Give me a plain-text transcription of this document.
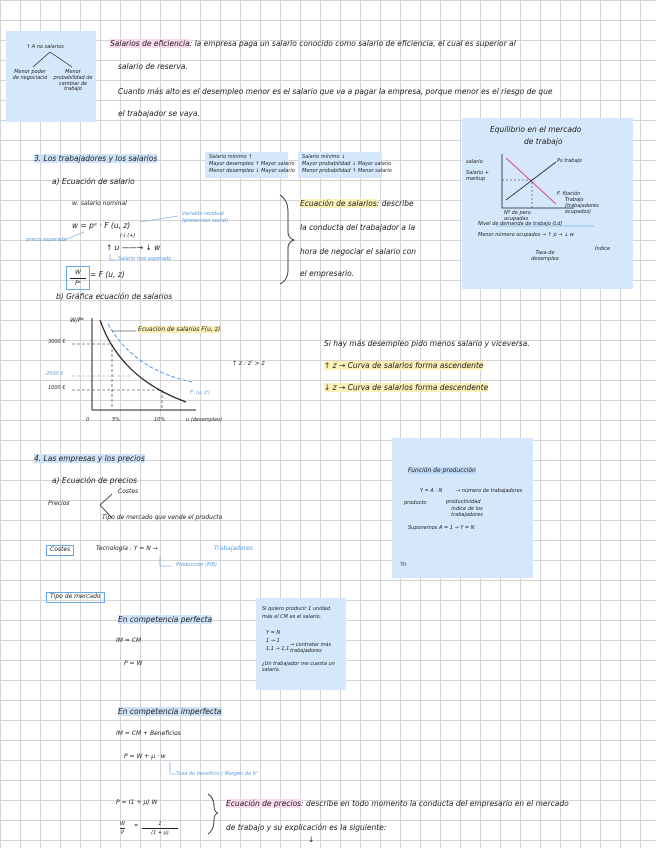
↑ A no salarios
Menor poder de negociació
Menor probabilidad de cambiar de trabajo
Salarios de eficiencia: la empresa paga un salario conocido como salario de eficiencia, el cual es superior al
salario de reserva.
Cuanto más alto es el desempleo menor es el salario que va a pagar la empresa, porque menor es el riesgo de que
el trabajador se vaya.
Equilibrio en el mercado
de trabajo
salario
Salario + markup
Ps trabajo
F. fijación
Nº de pers. ocupadas
Trabajo (trabajadores ocupados)
Nivel de demanda de trabajo (Ld)
Menor número ocupados → ↑ p → ↓ w
Tasa de desempleo
Índice
3. Los trabajadores y los salarios	Salario mínimo ↑
Mayor desempleo ↑ Mayor salario
Menor desempleo ↓ Mayor salario
Salario mínimo ↓
Mayor probabilidad ↓ Mayor salario
Menor probabilidad ↑ Menor salario
a) Ecuación de salario
w: salario nominal
w = pᵉ · F (u, z)
(-) (+)
Variable residual
(protección social)
precio esperado
↑ u ——→ ↓ w
Salario real esperado
W
Pᵉ
= F (u, z)
Ecuación de salarios: describe
la conducta del trabajador a la
hora de negociar el salario con
el empresario.
b) Gráfica ecuación de salarios
W/Pᵉ
3000 €
2000 €
1000 €
0	5%	10%	u (desempleo)
Ecuación de salarios F(u, z)
F' (u, z')
↑ z : z' > z
Si hay más desempleo pido menos salario y viceversa.
↑ z → Curva de salarios forma ascendente
↓ z → Curva de salarios forma descendente
Función de producción
Y = A · N	→ número de trabajadores
producto	productividad
índice de los trabajadores
Suponemos A = 1 → Y = N
Yo
4. Las empresas y los precios
a) Ecuación de precios
Precios
Costes
Tipo de mercado que vende el producto
Costes	Tecnología : Y = N →	Trabajadores
Producción (PIB)
Tipo de mercado
En competencia perfecta
IM = CM
P = W
Si quiero producir 1 unidad
más el CM es el salario.
Y = N
1 → 1
1,1 → 1,1
→ contratar más trabajadores
¿Un trabajador me cuesta un salario.
En competencia imperfecta
IM = CM + Beneficios
P = W + μ · w
Tasa de beneficio / Margen de bᵒ
P = (1 + μ) W
W
P
=	1
(1 + μ)
Ecuación de precios: describe en todo momento la conducta del empresario en el mercado
de trabajo y su explicación es la siguiente:
↓
